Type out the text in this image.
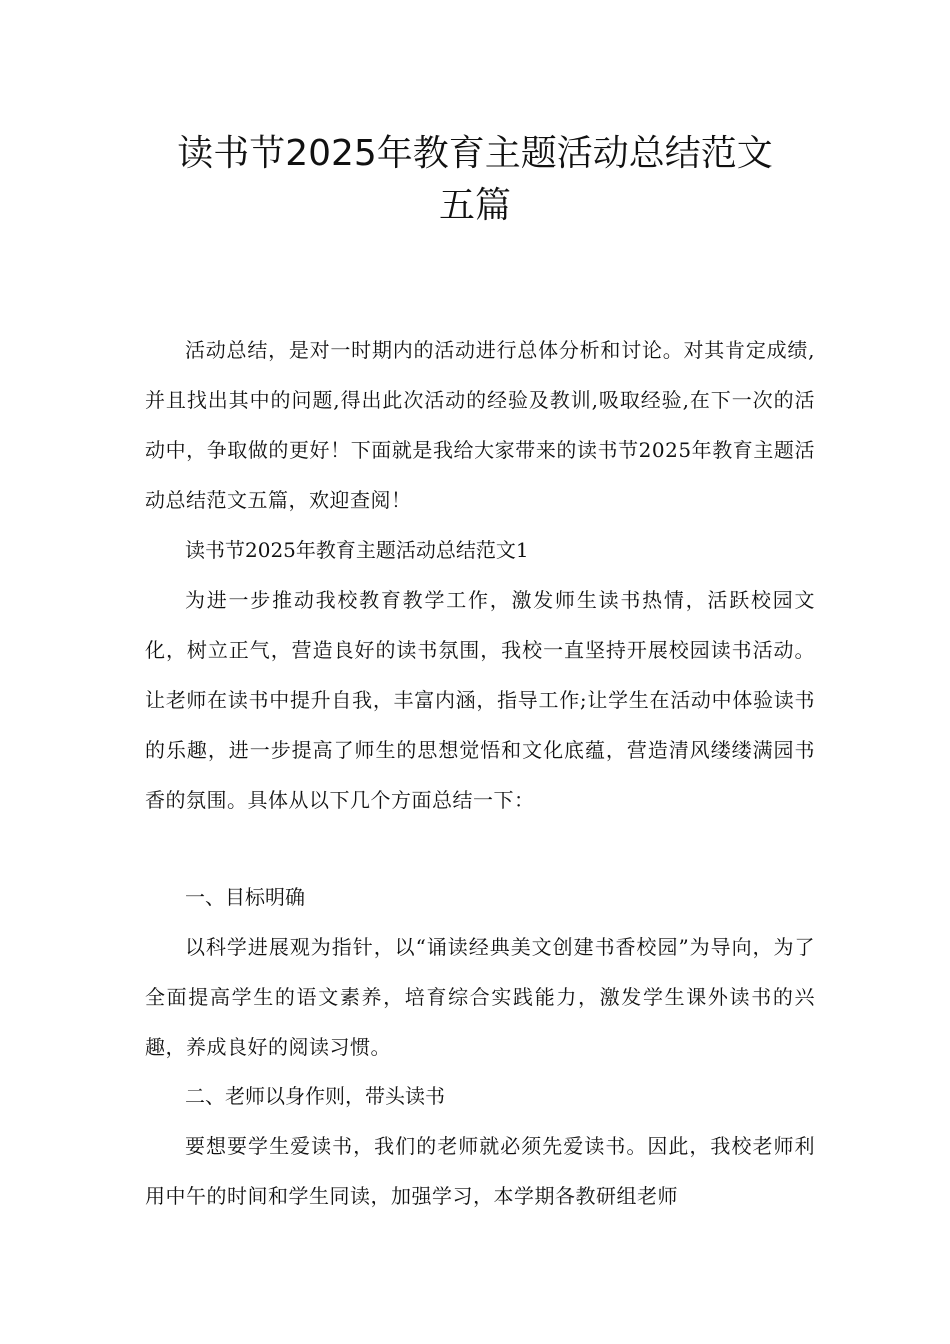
读书节2025年教育主题活动总结范文
五篇
活动总结，是对一时期内的活动进行总体分析和讨论。对其肯定成绩,并且找出其中的问题,得出此次活动的经验及教训,吸取经验,在下一次的活动中，争取做的更好！下面就是我给大家带来的读书节2025年教育主题活动总结范文五篇，欢迎查阅！
读书节2025年教育主题活动总结范文1
为进一步推动我校教育教学工作，激发师生读书热情，活跃校园文化，树立正气，营造良好的读书氛围，我校一直坚持开展校园读书活动。让老师在读书中提升自我，丰富内涵，指导工作;让学生在活动中体验读书的乐趣，进一步提高了师生的思想觉悟和文化底蕴，营造清风缕缕满园书香的氛围。具体从以下几个方面总结一下：
一、目标明确
以科学进展观为指针，以“诵读经典美文创建书香校园”为导向，为了全面提高学生的语文素养，培育综合实践能力，激发学生课外读书的兴趣，养成良好的阅读习惯。
二、老师以身作则，带头读书
要想要学生爱读书，我们的老师就必须先爱读书。因此，我校老师利用中午的时间和学生同读，加强学习，本学期各教研组老师
